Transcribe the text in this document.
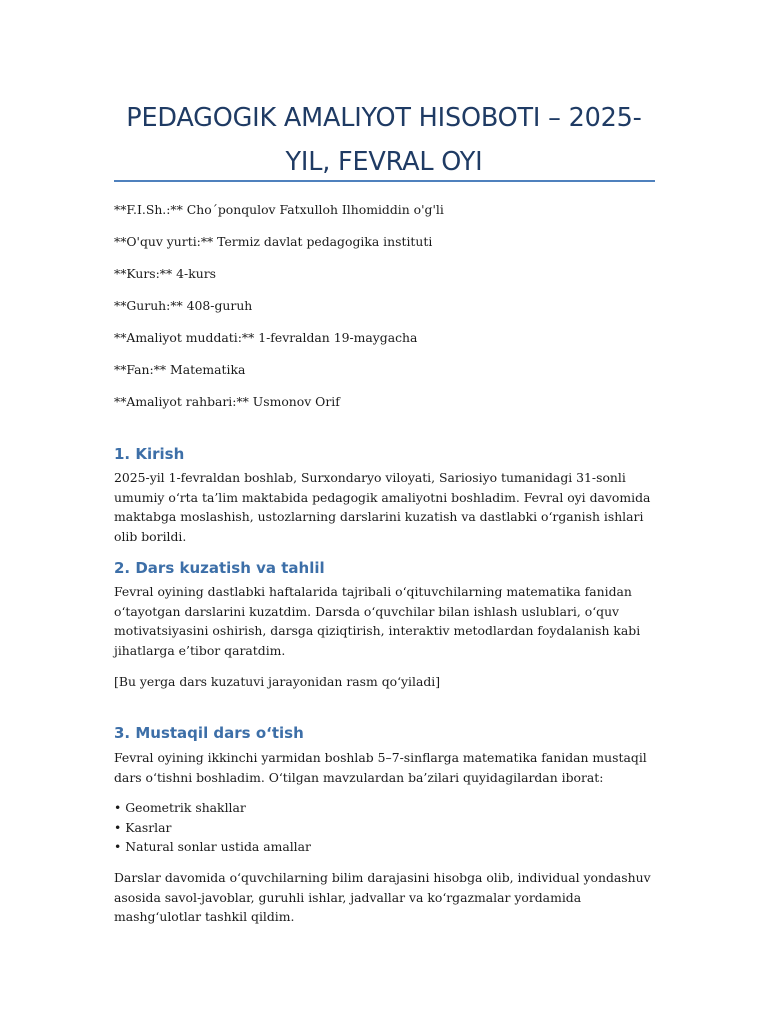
PEDAGOGIK AMALIYOT HISOBOTI – 2025-YIL, FEVRAL OYI

**F.I.Sh.:** Cho´ponqulov Fatxulloh Ilhomiddin o'g'li

**O'quv yurti:** Termiz davlat pedagogika instituti

**Kurs:** 4-kurs

**Guruh:** 408-guruh

**Amaliyot muddati:** 1-fevraldan 19-maygacha

**Fan:** Matematika

**Amaliyot rahbari:** Usmonov Orif

1. Kirish

2025-yil 1-fevraldan boshlab, Surxondaryo viloyati, Sariosiyo tumanidagi 31-sonli umumiy o‘rta ta’lim maktabida pedagogik amaliyotni boshladim. Fevral oyi davomida maktabga moslashish, ustozlarning darslarini kuzatish va dastlabki o‘rganish ishlari olib borildi.

2. Dars kuzatish va tahlil

Fevral oyining dastlabki haftalarida tajribali o‘qituvchilarning matematika fanidan o‘tayotgan darslarini kuzatdim. Darsda o‘quvchilar bilan ishlash uslublari, o‘quv motivatsiyasini oshirish, darsga qiziqtirish, interaktiv metodlardan foydalanish kabi jihatlarga e’tibor qaratdim.

[Bu yerga dars kuzatuvi jarayonidan rasm qo‘yiladi]

3. Mustaqil dars o‘tish

Fevral oyining ikkinchi yarmidan boshlab 5–7-sinflarga matematika fanidan mustaqil dars o‘tishni boshladim. O‘tilgan mavzulardan ba’zilari quyidagilardan iborat:

• Geometrik shakllar
• Kasrlar
• Natural sonlar ustida amallar

Darslar davomida o‘quvchilarning bilim darajasini hisobga olib, individual yondashuv asosida savol-javoblar, guruhli ishlar, jadvallar va ko‘rgazmalar yordamida mashg‘ulotlar tashkil qildim.
